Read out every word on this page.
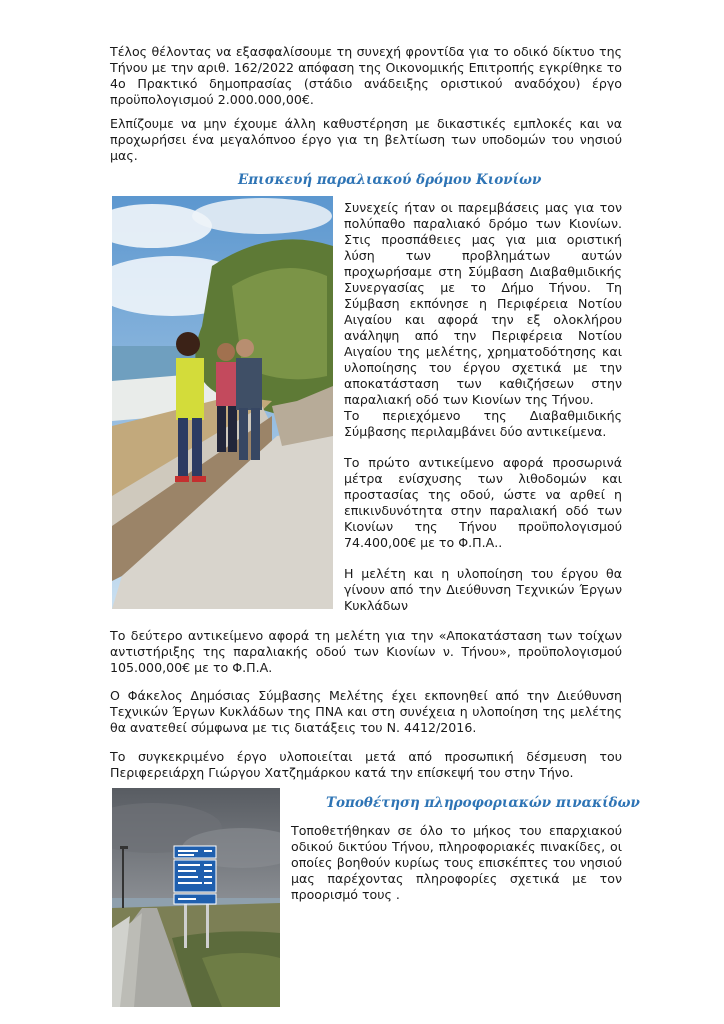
Τέλος θέλοντας να εξασφαλίσουμε τη συνεχή φροντίδα για το οδικό δίκτυο της Τήνου με την αριθ. 162/2022 απόφαση της Οικονομικής Επιτροπής εγκρίθηκε το 4ο Πρακτικό δημοπρασίας (στάδιο ανάδειξης οριστικού αναδόχου) έργο προϋπολογισμού 2.000.000,00€.

Ελπίζουμε να μην έχουμε άλλη καθυστέρηση με δικαστικές εμπλοκές και να προχωρήσει ένα μεγαλόπνοο έργο για τη βελτίωση των υποδομών του νησιού μας.

Επισκευή παραλιακού δρόμου Κιονίων

Συνεχείς ήταν οι παρεμβάσεις μας για τον πολύπαθο παραλιακό δρόμο των Κιονίων. Στις προσπάθειες μας για μια οριστική λύση των προβλημάτων αυτών προχωρήσαμε στη Σύμβαση Διαβαθμιδικής Συνεργασίας με το Δήμο Τήνου. Τη Σύμβαση εκπόνησε η Περιφέρεια Νοτίου Αιγαίου και αφορά την εξ ολοκλήρου ανάληψη από την Περιφέρεια Νοτίου Αιγαίου της μελέτης, χρηματοδότησης και υλοποίησης του έργου σχετικά με την αποκατάσταση των καθιζήσεων στην παραλιακή οδό των Κιονίων της Τήνου.

Το περιεχόμενο της Διαβαθμιδικής Σύμβασης περιλαμβάνει δύο αντικείμενα.

Το πρώτο αντικείμενο αφορά προσωρινά μέτρα ενίσχυσης των λιθοδομών και προστασίας της οδού, ώστε να αρθεί η επικινδυνότητα στην παραλιακή οδό των Κιονίων της Τήνου προϋπολογισμού 74.400,00€ με το Φ.Π.Α..

Η μελέτη και η υλοποίηση του έργου θα γίνουν από την Διεύθυνση Τεχνικών Έργων Κυκλάδων

Το δεύτερο αντικείμενο αφορά τη μελέτη για την «Αποκατάσταση των τοίχων αντιστήριξης της παραλιακής οδού των Κιονίων ν. Τήνου», προϋπολογισμού 105.000,00€ με το Φ.Π.Α.

Ο Φάκελος Δημόσιας Σύμβασης Μελέτης έχει εκπονηθεί από την Διεύθυνση Τεχνικών Έργων Κυκλάδων της ΠΝΑ και στη συνέχεια η υλοποίηση της μελέτης θα ανατεθεί σύμφωνα με τις διατάξεις του Ν. 4412/2016.

Το συγκεκριμένο έργο υλοποιείται μετά από προσωπική δέσμευση του Περιφερειάρχη Γιώργου Χατζημάρκου κατά την επίσκεψή του στην Τήνο.

Τοποθέτηση πληροφοριακών πινακίδων

Τοποθετήθηκαν σε όλο το μήκος του επαρχιακού οδικού δικτύου Τήνου, πληροφοριακές πινακίδες, οι οποίες βοηθούν κυρίως τους επισκέπτες του νησιού μας παρέχοντας πληροφορίες σχετικά με τον προορισμό τους .
